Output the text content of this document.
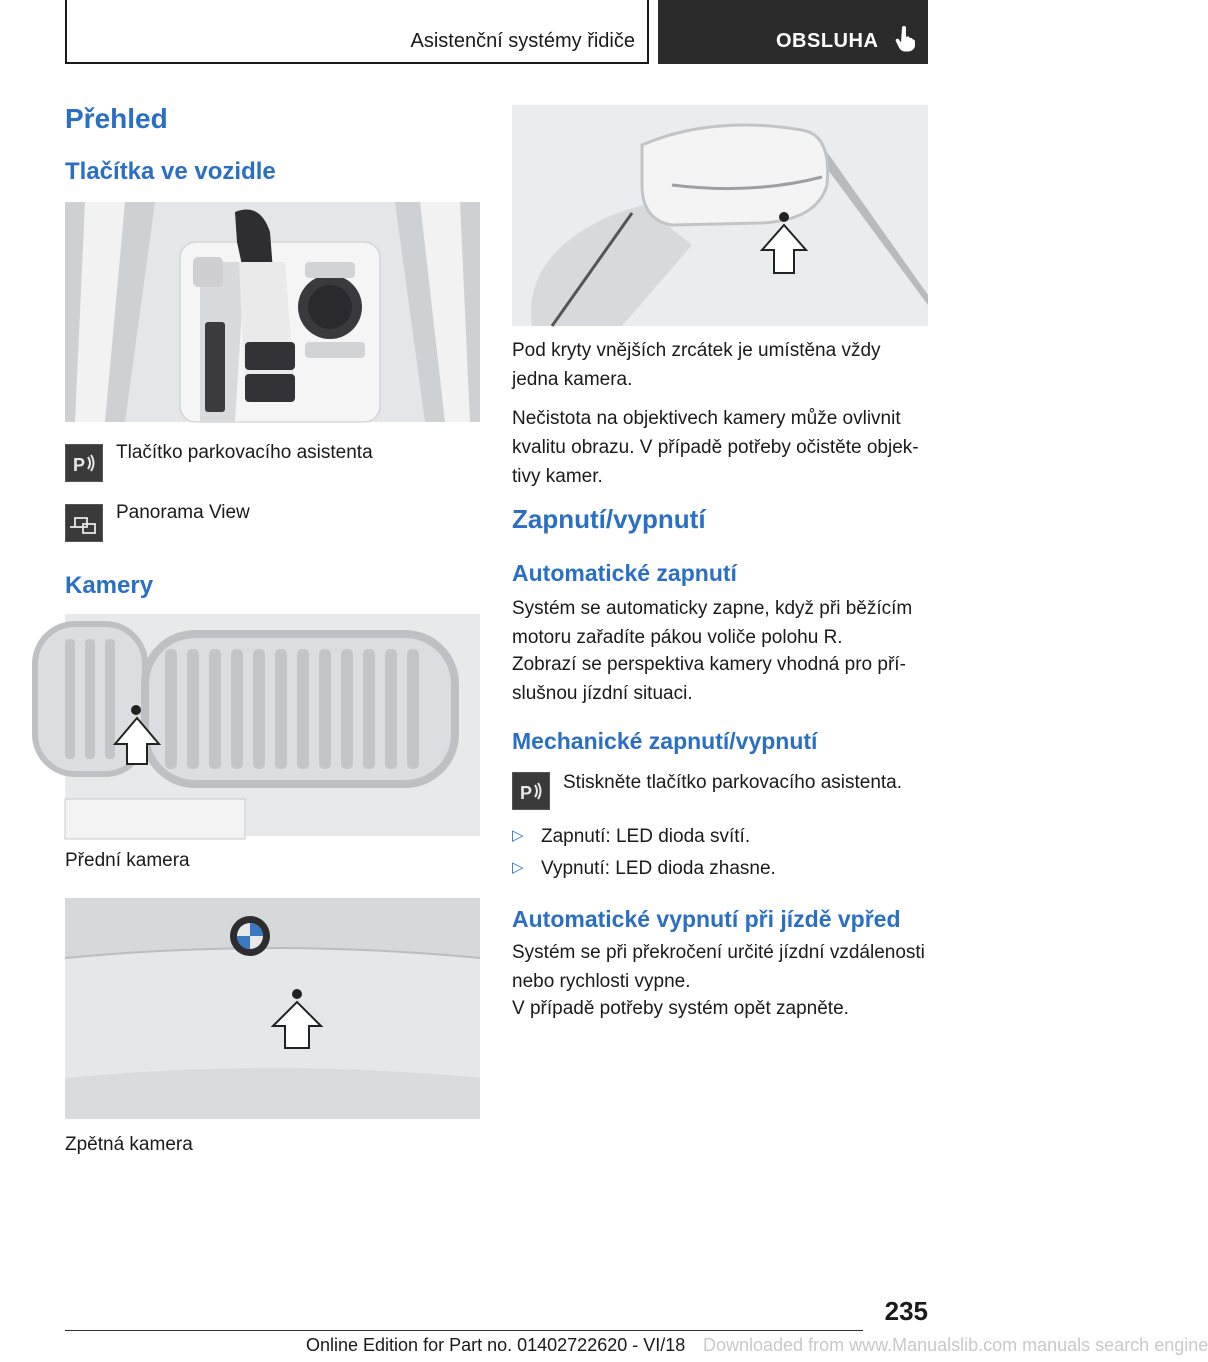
Asistenční systémy řidiče	OBSLUHA
Přehled
Tlačítka ve vozidle
P
Tlačítko parkovacího asistenta
Panorama View
Kamery
Přední kamera
Zpětná kamera
Pod kryty vnějších zrcátek je umístěna vždy
jedna kamera.
Nečistota na objektivech kamery může ovlivnit
kvalitu obrazu. V případě potřeby očistěte objek-
tivy kamer.
Zapnutí/vypnutí
Automatické zapnutí
Systém se automaticky zapne, když při běžícím
motoru zařadíte pákou voliče polohu R.
Zobrazí se perspektiva kamery vhodná pro pří-
slušnou jízdní situaci.
Mechanické zapnutí/vypnutí
P Stiskněte tlačítko parkovacího asistenta.
▷ Zapnutí: LED dioda svítí.
▷ Vypnutí: LED dioda zhasne.
Automatické vypnutí při jízdě vpřed
Systém se při překročení určité jízdní vzdálenosti
nebo rychlosti vypne.
V případě potřeby systém opět zapněte.
235
Online Edition for Part no. 01402722620 - VI/18 Downloaded from www.Manualslib.com manuals search engine
